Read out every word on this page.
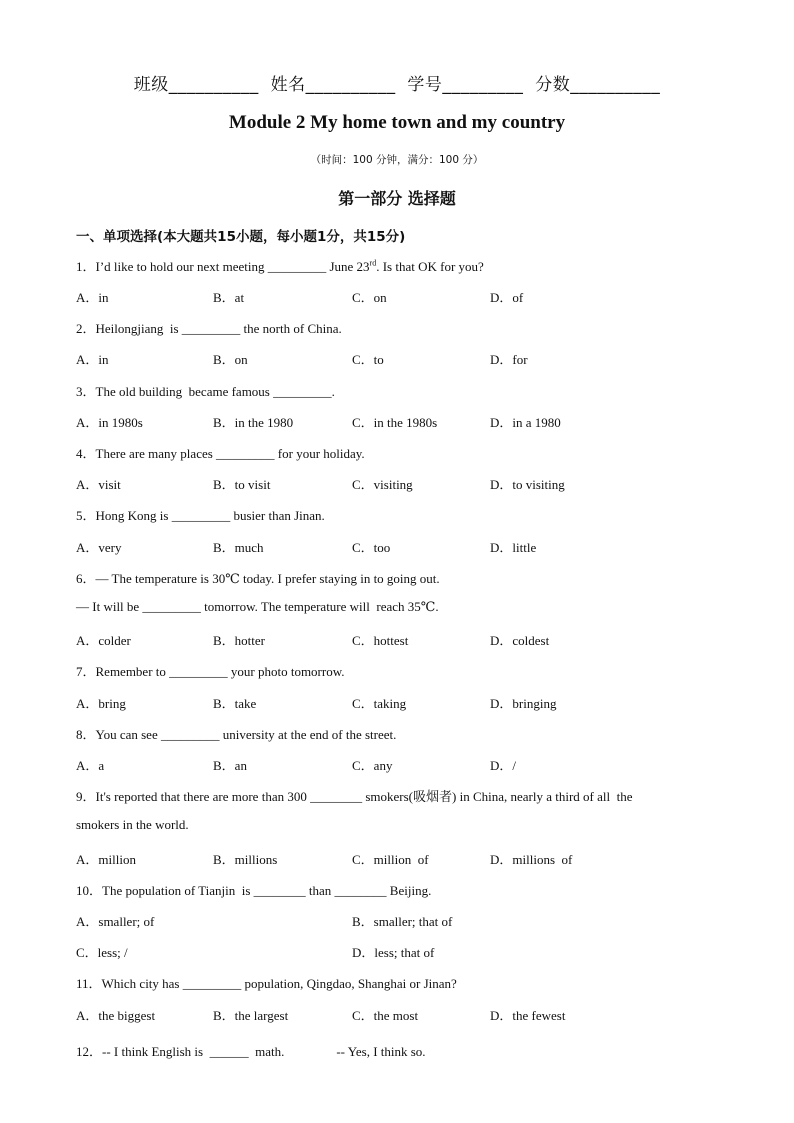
班级__________  姓名__________  学号_________  分数__________
Module 2 My home town and my country
（时间：100 分钟，满分：100 分）
第一部分 选择题
一、单项选择(本大题共15小题，每小题1分，共15分)
1．I’d like to hold our next meeting _________ June 23rd. Is that OK for you?
A．in	B．at	C．on	D．of
2．Heilongjiang  is _________ the north of China.
A．in	B．on	C．to	D．for
3．The old building  became famous _________.
A．in 1980s	B．in the 1980	C．in the 1980s	D．in a 1980
4．There are many places _________ for your holiday.
A．visit	B．to visit	C．visiting	D．to visiting
5．Hong Kong is _________ busier than Jinan.
A．very	B．much	C．too	D．little
6．— The temperature is 30℃ today. I prefer staying in to going out.
— It will be _________ tomorrow. The temperature will  reach 35℃.
A．colder	B．hotter	C．hottest	D．coldest
7．Remember to _________ your photo tomorrow.
A．bring	B．take	C．taking	D．bringing
8．You can see _________ university at the end of the street.
A．a	B．an	C．any	D．/
9．It's reported that there are more than 300 ________ smokers(吸烟者) in China, nearly a third of all  the
smokers in the world.
A．million	B．millions	C．million  of	D．millions  of
10．The population of Tianjin  is ________ than ________ Beijing.
A．smaller; of	B．smaller; that of
C．less; /	D．less; that of
11．Which city has _________ population, Qingdao, Shanghai or Jinan?
A．the biggest	B．the largest	C．the most	D．the fewest
12．-- I think English is  ______  math.                -- Yes, I think so.
